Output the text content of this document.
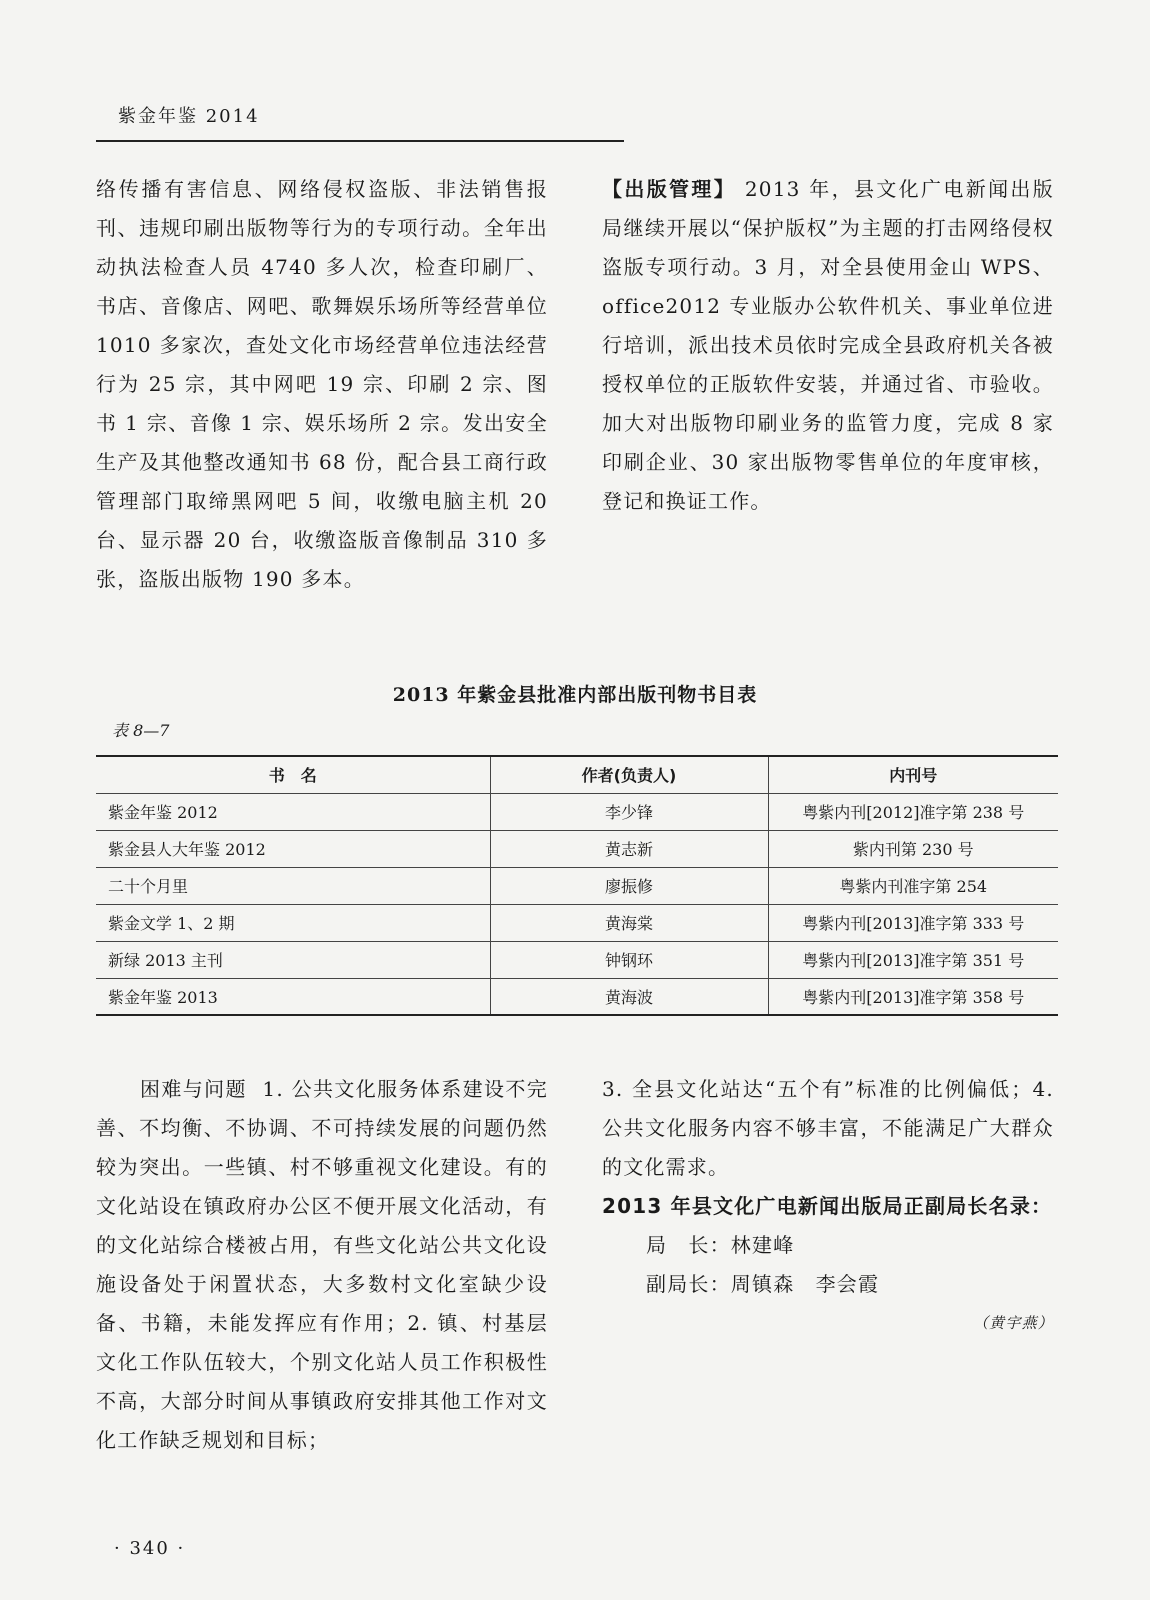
紫金年鉴 2014

络传播有害信息、网络侵权盗版、非法销售报刊、违规印刷出版物等行为的专项行动。全年出动执法检查人员 4740 多人次，检查印刷厂、书店、音像店、网吧、歌舞娱乐场所等经营单位 1010 多家次，查处文化市场经营单位违法经营行为 25 宗，其中网吧 19 宗、印刷 2 宗、图书 1 宗、音像 1 宗、娱乐场所 2 宗。发出安全生产及其他整改通知书 68 份，配合县工商行政管理部门取缔黑网吧 5 间，收缴电脑主机 20 台、显示器 20 台，收缴盗版音像制品 310 多张，盗版出版物 190 多本。

【出版管理】 2013 年，县文化广电新闻出版局继续开展以“保护版权”为主题的打击网络侵权盗版专项行动。3 月，对全县使用金山 WPS、office2012 专业版办公软件机关、事业单位进行培训，派出技术员依时完成全县政府机关各被授权单位的正版软件安装，并通过省、市验收。加大对出版物印刷业务的监管力度，完成 8 家印刷企业、30 家出版物零售单位的年度审核，登记和换证工作。

2013 年紫金县批准内部出版刊物书目表
表 8—7
书　名	作者(负责人)	内刊号
紫金年鉴 2012	李少锋	粤紫内刊[2012]准字第 238 号
紫金县人大年鉴 2012	黄志新	紫内刊第 230 号
二十个月里	廖振修	粤紫内刊准字第 254
紫金文学 1、2 期	黄海棠	粤紫内刊[2013]准字第 333 号
新绿 2013 主刊	钟钢环	粤紫内刊[2013]准字第 351 号
紫金年鉴 2013	黄海波	粤紫内刊[2013]准字第 358 号

困难与问题 1. 公共文化服务体系建设不完善、不均衡、不协调、不可持续发展的问题仍然较为突出。一些镇、村不够重视文化建设。有的文化站设在镇政府办公区不便开展文化活动，有的文化站综合楼被占用，有些文化站公共文化设施设备处于闲置状态，大多数村文化室缺少设备、书籍，未能发挥应有作用；2. 镇、村基层文化工作队伍较大，个别文化站人员工作积极性不高，大部分时间从事镇政府安排其他工作对文化工作缺乏规划和目标；

3. 全县文化站达“五个有”标准的比例偏低；4. 公共文化服务内容不够丰富，不能满足广大群众的文化需求。

2013 年县文化广电新闻出版局正副局长名录：

局　长：林建峰

副局长：周镇森　李会霞

（黄宇燕）

· 340 ·
